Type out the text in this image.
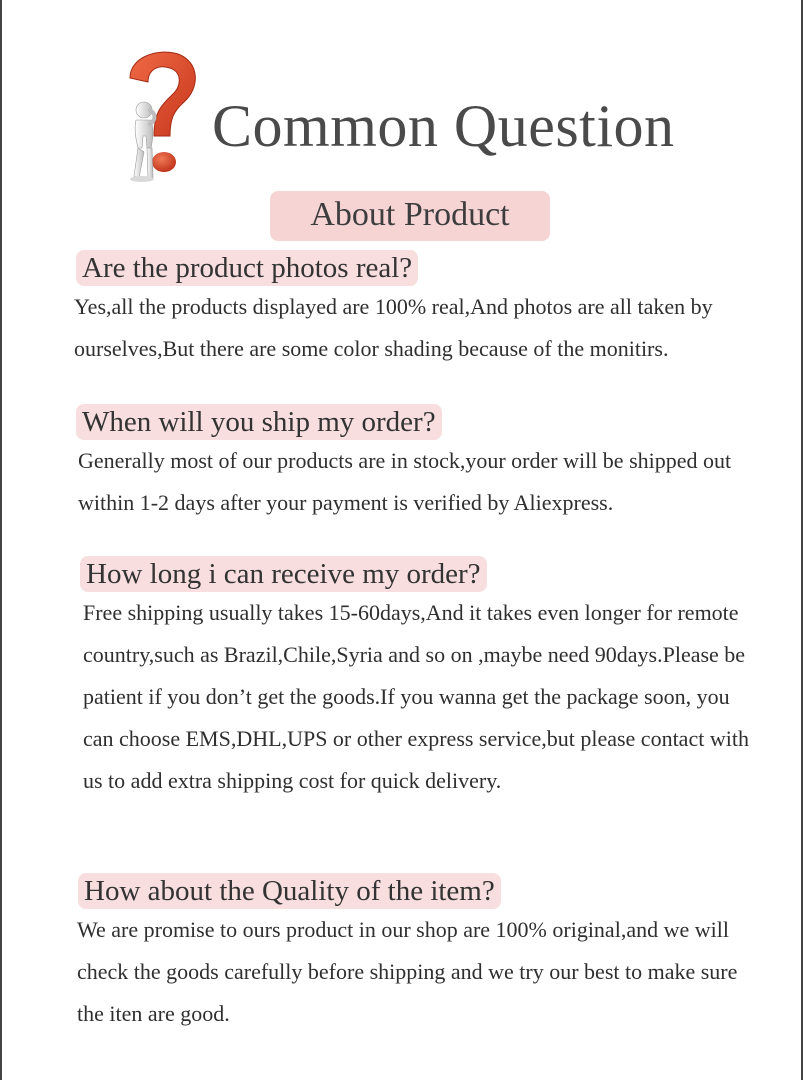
Common Question
About Product
Are the product photos real?

Yes,all the products displayed are 100% real,And photos are all taken by ourselves,But there are some color shading because of the monitirs.

When will you ship my order?

Generally most of our products are in stock,your order will be shipped out within 1-2 days after your payment is verified by Aliexpress.

How long i can receive my order?

Free shipping usually takes 15-60days,And it takes even longer for remote country,such as Brazil,Chile,Syria and so on ,maybe need 90days.Please be patient if you don’t get the goods.If you wanna get the package soon, you can choose EMS,DHL,UPS or other express service,but please contact with us to add extra shipping cost for quick delivery.

How about the Quality of the item?

We are promise to ours product in our shop are 100% original,and we will check the goods carefully before shipping and we try our best to make sure the iten are good.
